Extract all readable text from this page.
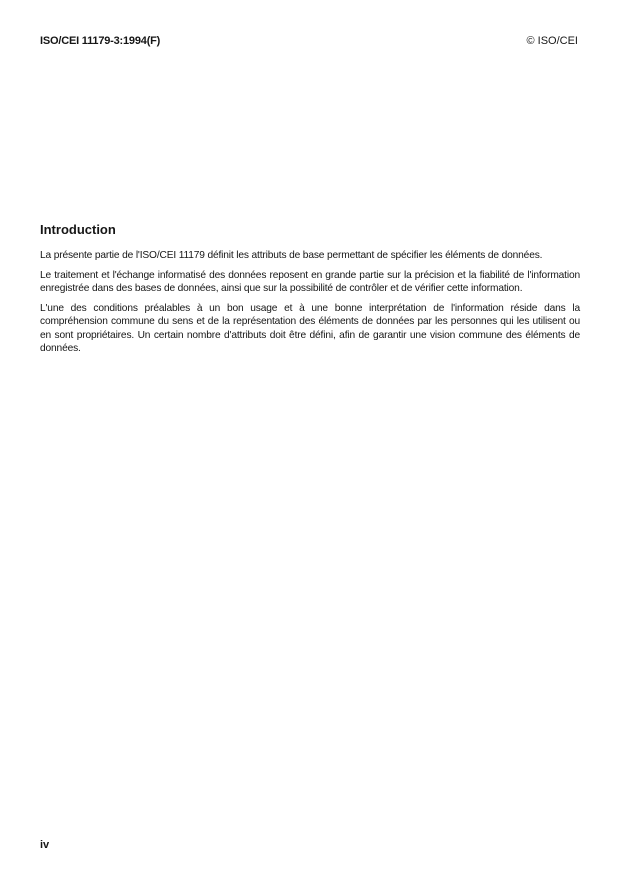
ISO/CEI 11179-3:1994(F)	© ISO/CEI
Introduction

La présente partie de l'ISO/CEI 11179 définit les attributs de base permettant de spécifier les éléments de données.

Le traitement et l'échange informatisé des données reposent en grande partie sur la précision et la fiabilité de l'information enregistrée dans des bases de données, ainsi que sur la possibilité de contrôler et de vérifier cette information.

L'une des conditions préalables à un bon usage et à une bonne interprétation de l'information réside dans la compréhension commune du sens et de la représentation des éléments de données par les personnes qui les utilisent ou en sont propriétaires. Un certain nombre d'attributs doit être défini, afin de garantir une vision commune des éléments de données.

iv
